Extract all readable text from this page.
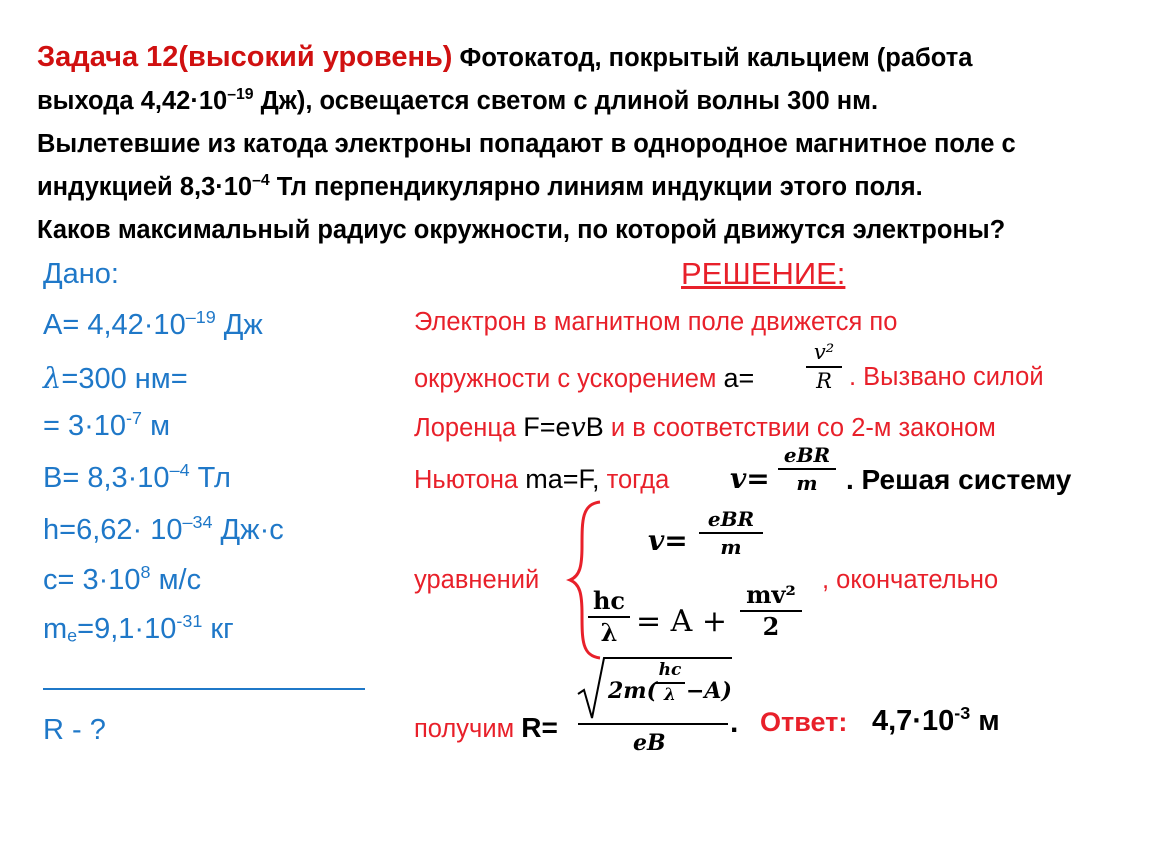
Задача 12(высокий уровень) Фотокатод, покрытый кальцием (работа
выхода $4,42\cdot 10^{-19}$ Дж), освещается светом с длиной волны 300 нм.
Вылетевшие из катода электроны попадают в однородное магнитное поле с
индукцией $8,3\cdot 10^{-4}$ Тл перпендикулярно линиям индукции этого поля.
Каков максимальный радиус окружности, по которой движутся электроны?
Дано:
$A= 4,42\cdot 10^{-19}$ Дж
λ=300 нм=
= $3\cdot 10^{-7}$ м
$B= 8,3\cdot 10^{-4}$ Тл
$h=6,62\cdot 10^{-34}$ Дж·с
$c= 3\cdot 10^8$ м/с
$m_e=9,1\cdot 10^{-31}$ кг
R - ?
РЕШЕНИЕ:
Электрон в магнитном поле движется по
окружности с ускорением a=
v²
R . Вызвано силой
Лоренца F=evB и в соответствии со 2-м законом
Ньютона ma=F, тогда v=
eBR
m	. Решая систему
v=
eBR
m
уравнений
hc
λ = A +
mv²
2
, окончательно
получим R=
2m(
hc
λ −A)
eB
. Ответ: $4,7\cdot 10^{-3}$ м
